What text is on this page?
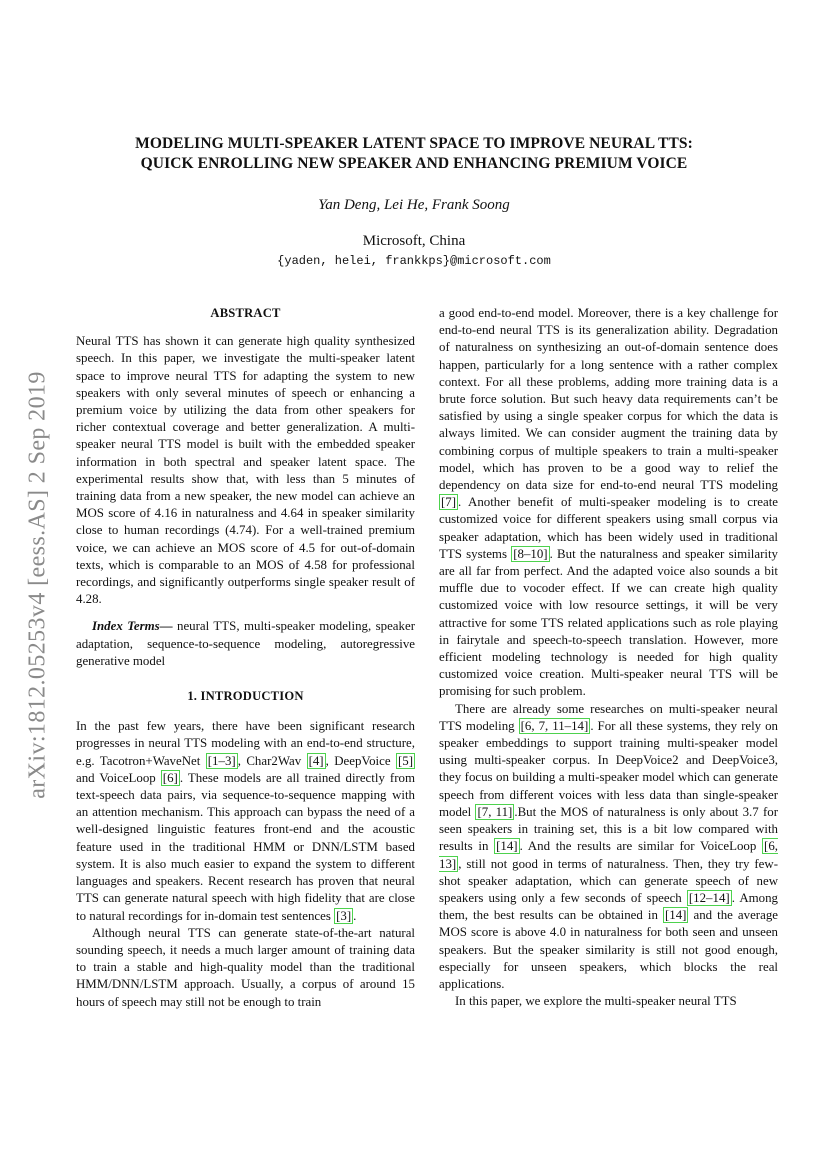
arXiv:1812.05253v4 [eess.AS] 2 Sep 2019
MODELING MULTI-SPEAKER LATENT SPACE TO IMPROVE NEURAL TTS:
QUICK ENROLLING NEW SPEAKER AND ENHANCING PREMIUM VOICE
Yan Deng, Lei He, Frank Soong
Microsoft, China
{yaden, helei, frankkps}@microsoft.com
ABSTRACT

Neural TTS has shown it can generate high quality synthesized speech. In this paper, we investigate the multi-speaker latent space to improve neural TTS for adapting the system to new speakers with only several minutes of speech or enhancing a premium voice by utilizing the data from other speakers for richer contextual coverage and better generalization. A multi-speaker neural TTS model is built with the embedded speaker information in both spectral and speaker latent space. The experimental results show that, with less than 5 minutes of training data from a new speaker, the new model can achieve an MOS score of 4.16 in naturalness and 4.64 in speaker similarity close to human recordings (4.74). For a well-trained premium voice, we can achieve an MOS score of 4.5 for out-of-domain texts, which is comparable to an MOS of 4.58 for professional recordings, and significantly outperforms single speaker result of 4.28.

Index Terms— neural TTS, multi-speaker modeling, speaker adaptation, sequence-to-sequence modeling, autoregressive generative model

1. INTRODUCTION

In the past few years, there have been significant research progresses in neural TTS modeling with an end-to-end structure, e.g. Tacotron+WaveNet [1–3] , Char2Wav [4] , DeepVoice [5] and VoiceLoop [6] . These models are all trained directly from text-speech data pairs, via sequence-to-sequence mapping with an attention mechanism. This approach can bypass the need of a well-designed linguistic features front-end and the acoustic feature used in the traditional HMM or DNN/LSTM based system. It is also much easier to expand the system to different languages and speakers. Recent research has proven that neural TTS can generate natural speech with high fidelity that are close to natural recordings for in-domain test sentences [3] .

Although neural TTS can generate state-of-the-art natural sounding speech, it needs a much larger amount of training data to train a stable and high-quality model than the traditional HMM/DNN/LSTM approach. Usually, a corpus of around 15 hours of speech may still not be enough to train

a good end-to-end model. Moreover, there is a key challenge for end-to-end neural TTS is its generalization ability. Degradation of naturalness on synthesizing an out-of-domain sentence does happen, particularly for a long sentence with a rather complex context. For all these problems, adding more training data is a brute force solution. But such heavy data requirements can’t be satisfied by using a single speaker corpus for which the data is always limited. We can consider augment the training data by combining corpus of multiple speakers to train a multi-speaker model, which has proven to be a good way to relief the dependency on data size for end-to-end neural TTS modeling [7] . Another benefit of multi-speaker modeling is to create customized voice for different speakers using small corpus via speaker adaptation, which has been widely used in traditional TTS systems [8–10] . But the naturalness and speaker similarity are all far from perfect. And the adapted voice also sounds a bit muffle due to vocoder effect. If we can create high quality customized voice with low resource settings, it will be very attractive for some TTS related applications such as role playing in fairytale and speech-to-speech translation. However, more efficient modeling technology is needed for high quality customized voice creation. Multi-speaker neural TTS will be promising for such problem.

There are already some researches on multi-speaker neural TTS modeling [6, 7, 11–14] . For all these systems, they rely on speaker embeddings to support training multi-speaker model using multi-speaker corpus. In DeepVoice2 and DeepVoice3, they focus on building a multi-speaker model which can generate speech from different voices with less data than single-speaker model [7, 11] .But the MOS of naturalness is only about 3.7 for seen speakers in training set, this is a bit low compared with results in [14] . And the results are similar for VoiceLoop [6, 13] , still not good in terms of naturalness. Then, they try few-shot speaker adaptation, which can generate speech of new speakers using only a few seconds of speech [12–14] . Among them, the best results can be obtained in [14] and the average MOS score is above 4.0 in naturalness for both seen and unseen speakers. But the speaker similarity is still not good enough, especially for unseen speakers, which blocks the real applications.

In this paper, we explore the multi-speaker neural TTS
